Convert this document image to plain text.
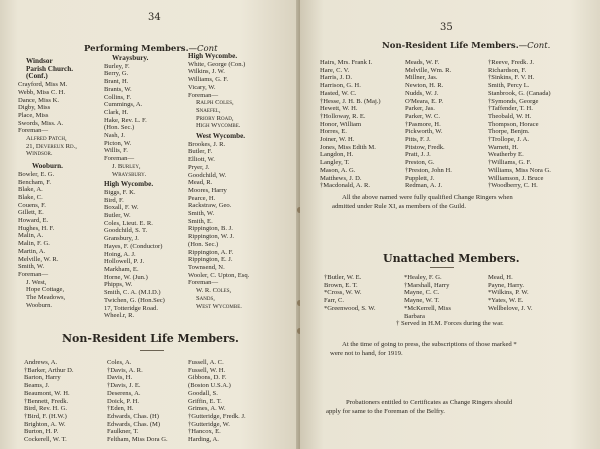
34
Performing Members.—Cont
Windsor
Parish Church.
(Conf.)
Crayford, Miss M.
Webb, Miss C. H.
Dance, Miss K.
Digby, Miss
Place, Miss
Swords, Miss. A.
Foreman—
Alfred Patch,
21, Devereux Rd.,
Windsor.
Wooburn.
Bowler, E. G.
Bencham, F.
Blake, A.
Blake, C.
Couens, F.
Gillett, E.
Howard, E.
Hughes, H. F.
Malin, A.
Malin, F. G.
Martin, A.
Melville, W. R.
Smith, W.
Foreman—
J. West,
Hope Cottage,
The Meadows,
Wooburn.
Wraysbury.
Burley, F.
Berry, G.
Brant, H.
Brants, W.
Collins, F.
Cummings, A.
Clark, H.
Hake, Rev. L. F.
(Hon. Sec.)
Nash, J.
Picton, W.
Willis, F.
Foreman—
J. Burley,
Wraysbury.
High Wycombe.
Biggs, F. K.
Bird, F.
Boxall, F. W.
Butler, W.
Coles, Lieut. E. R.
Goodchild, S. T.
Gransbury, J.
Hayes, F. (Conductor)
Hoing, A. J.
Hollowell, P. J.
Markham, E.
Horne, W. (Jun.)
Phipps, W.
Smith, C. A. (M.I.D.)
Twichen, G. (Hon.Sec)
17, Totteridge Road.
Wheel.r, R.
High Wycombe.
White, George (Con.)
Wilkins, J. W.
Williams, G. F.
Vicary, W.
Foreman—
Ralph Coles,
Snaefel,
Priory Road,
High Wycombe.
West Wycombe.
Brookes, J. R.
Butler, F.
Elliott, W.
Pryer, J.
Goodchild, W.
Mead, R.
Moores, Harry
Pearce, H.
Rackstraw, Geo.
Smith, W.
Smith, E.
Rippington, B. J.
Rippington, W. J.
(Hon. Sec.)
Rippington, A. F.
Rippington, E. J.
Townsend, N.
Wooler, C. Upton, Esq.
Foreman—
W. R. Coles,
Sands,
West Wycombe.
Non-Resident Life Members.
Andrews, A.
†Barker, Arthur D.
Barton, Harry
Beams, J.
Beaumont, W. H.
†Bennett, Fredk.
Bird, Rev. H. G.
†Bird, F. (H.W.)
Brighton, A. W.
Burton, H. P.
Cockerell, W. T.
Coles, A.
†Davis, A. R.
Davis, H.
†Davis, J. E.
Deserens, A.
Doick, P. H.
†Eden, H.
Edwards, Chas. (H)
Edwards, Chas. (M)
Faulkner, T.
Feltham, Miss Dora G.
Fussell, A. C.
Fussell, W. H.
Gibbons, D. F.
(Boston U.S.A.)
Goodall, S.
Griffin, E. T.
Grimes, A. W.
†Gutteridge, Fredk. J.
†Gutteridge, W.
†Hancox, E.
Harding, A.
35
Non-Resident Life Members.—Cont.
Hairs, Mrs. Frank I.
Hare, C. V.
Harris, J. D.
Harrison, G. H.
Hasted, W. C.
†Hesse, J. H. B. (Maj.)
Hewett, W. H.
†Holloway, R. E.
Honor, William
Horres, E.
Joiner, W. H.
Jones, Miss Edith M.
Langdon, H.
Langley, T.
Mason, A. G.
Matthews, J. D.
†Macdonald, A. R.
Meads, W. F.
Melville, Wm. R.
Millner, Jas.
Newton, H. R.
Nudds, W. J.
O'Meara, E. P.
Parker, Jas.
Parker, W. C.
†Pasmore, H.
Pickworth, W.
Pitts, F. J.
Pitstow, Fredk.
Pratt, J. J.
Preston, G.
†Preston, John H.
Pupplett, J.
Redman, A. J.
†Reeve, Fredk. J.
Richardson, F.
†Sinkins, F. V. H.
Smith, Percy L.
Stanbrook, G. (Canada)
†Symonds, George
†Taffender, T. H.
Theobald, W. H.
Thompson, Horace
Thorpe, Benjm.
†Trollope, J. A.
Warnett, H.
Weatherby E.
†Williams, G. F.
Williams, Miss Nora G.
Williamson, J. Bruce
†Woodberry, C. H.
All the above named were fully qualified Change Ringers when
admitted under Rule XI, as members of the Guild.
Unattached Members.
†Butler, W. E.
Brown, E. T.
*Cross, W. W.
Farr, C.
*Greenwood, S. W.
*Healey, F. G.
†Marshall, Harry
Mayne, C. C.
Mayne, W. T.
*McKerrell, Miss
Barbara
Mead, H.
Payne, Harry.
*Wilkins, P. W.
*Yates, W. E.
Wellbelove, J. V.
† Served in H.M. Forces during the war.
At the time of going to press, the subscriptions of those marked *
were not to hand, for 1919.
Probationers entitled to Certificates as Change Ringers should
apply for same to the Foreman of the Belfry.
